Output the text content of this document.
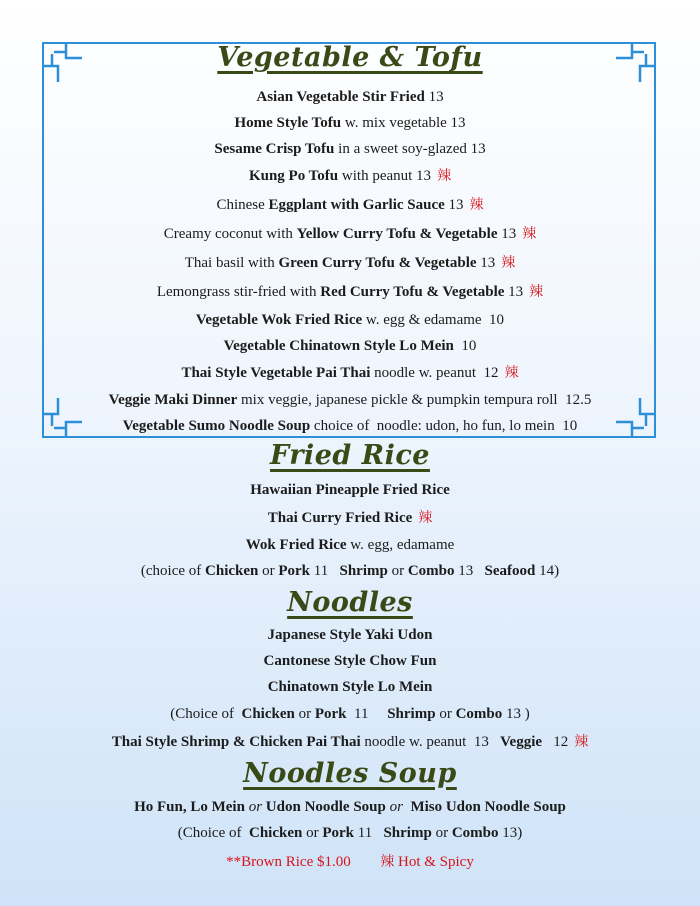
Vegetable & Tofu
Asian Vegetable Stir Fried 13
Home Style Tofu w. mix vegetable 13
Sesame Crisp Tofu in a sweet soy-glazed 13
Kung Po Tofu with peanut 13 辣
Chinese Eggplant with Garlic Sauce 13 辣
Creamy coconut with Yellow Curry Tofu & Vegetable 13 辣
Thai basil with Green Curry Tofu & Vegetable 13 辣
Lemongrass stir-fried with Red Curry Tofu & Vegetable 13 辣
Vegetable Wok Fried Rice w. egg & edamame  10
Vegetable Chinatown Style Lo Mein  10
Thai Style Vegetable Pai Thai noodle w. peanut  12 辣
Veggie Maki Dinner mix veggie, japanese pickle & pumpkin tempura roll  12.5
Vegetable Sumo Noodle Soup choice of  noodle: udon, ho fun, lo mein  10
Fried Rice
Hawaiian Pineapple Fried Rice
Thai Curry Fried Rice 辣
Wok Fried Rice w. egg, edamame
(choice of Chicken or Pork 11   Shrimp or Combo 13   Seafood 14)
Noodles
Japanese Style Yaki Udon
Cantonese Style Chow Fun
Chinatown Style Lo Mein
(Choice of  Chicken or Pork  11     Shrimp or Combo 13 )
Thai Style Shrimp & Chicken Pai Thai noodle w. peanut  13   Veggie   12 辣
Noodles Soup
Ho Fun, Lo Mein or Udon Noodle Soup or  Miso Udon Noodle Soup
(Choice of  Chicken or Pork 11   Shrimp or Combo 13)
**Brown Rice $1.00 辣 Hot & Spicy
